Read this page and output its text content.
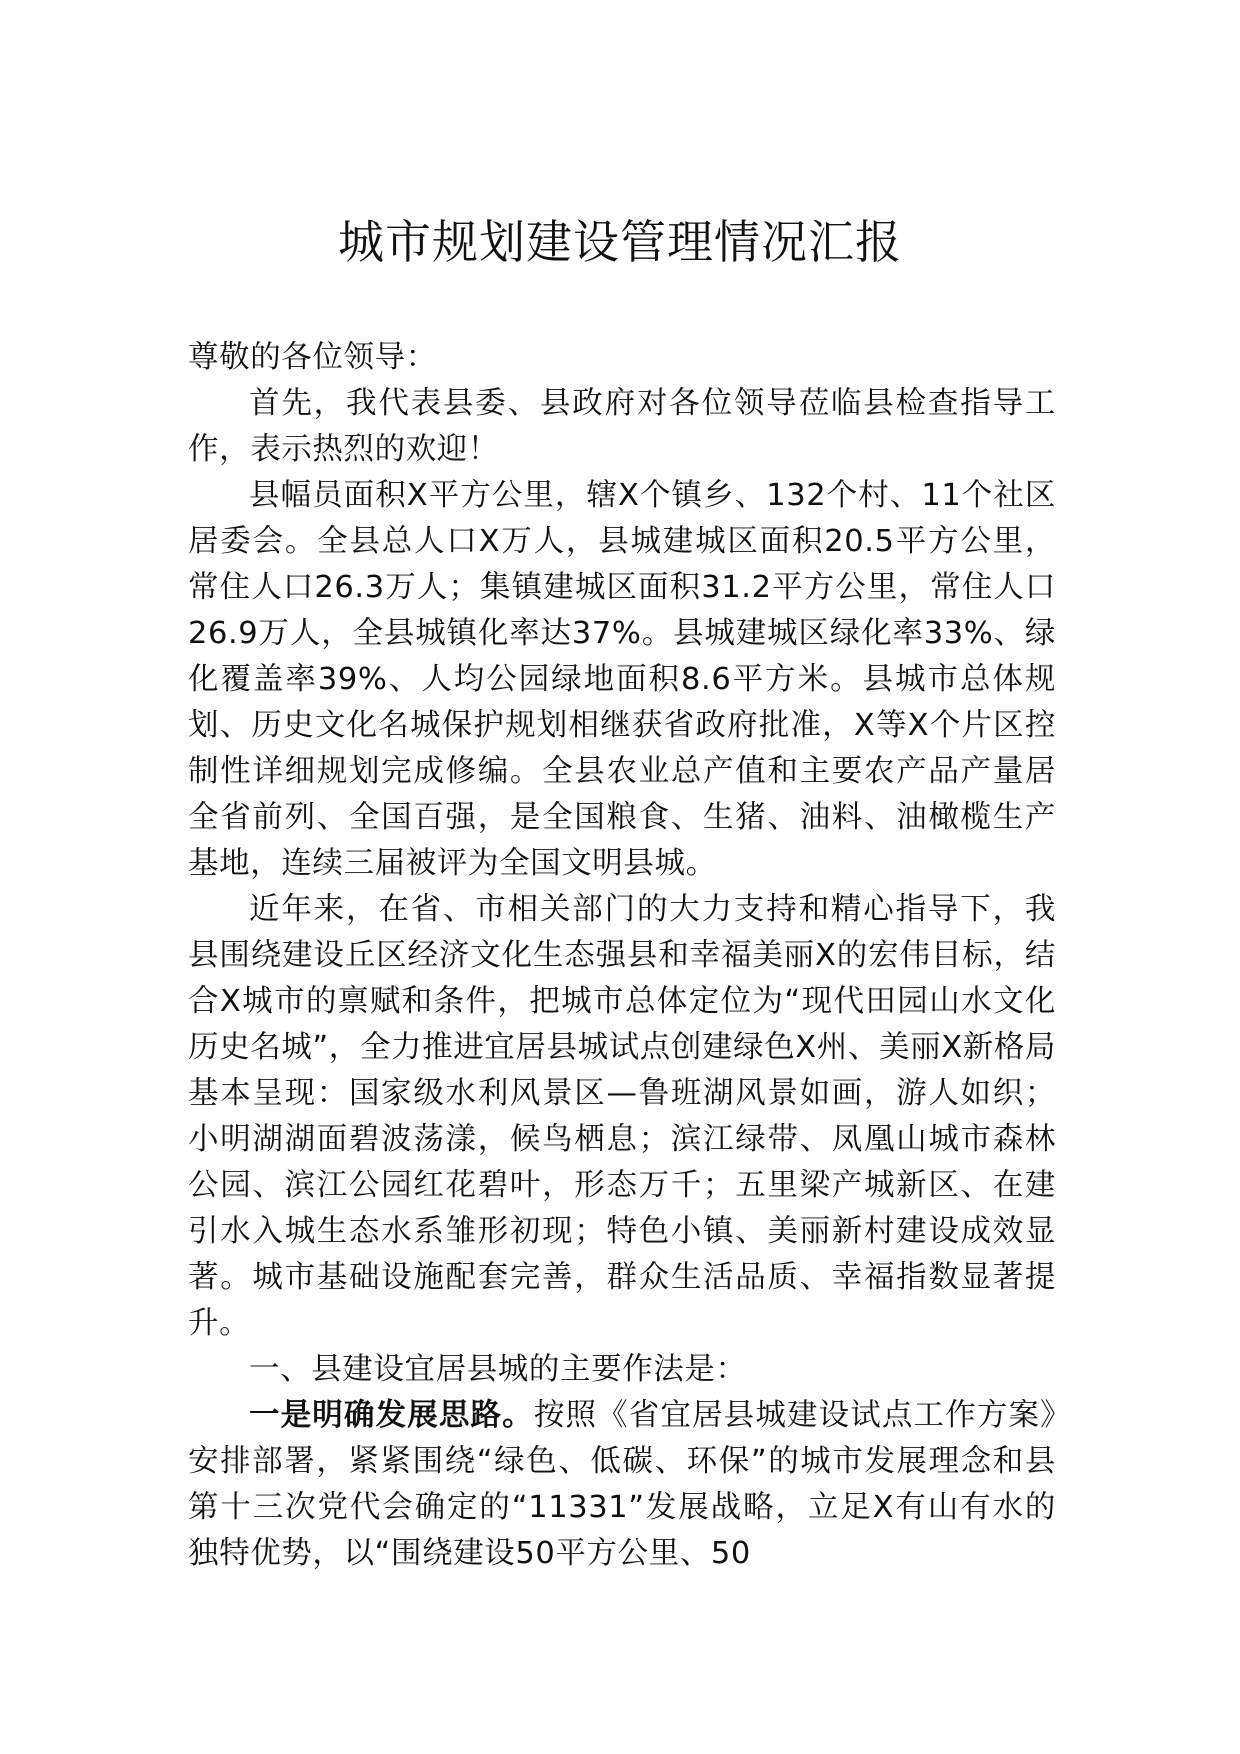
城市规划建设管理情况汇报

尊敬的各位领导：

首先，我代表县委、县政府对各位领导莅临县检查指导工作，表示热烈的欢迎！

县幅员面积X平方公里，辖X个镇乡、132个村、11个社区居委会。全县总人口X万人，县城建城区面积20.5平方公里，常住人口26.3万人；集镇建城区面积31.2平方公里，常住人口26.9万人，全县城镇化率达37%。县城建城区绿化率33%、绿化覆盖率39%、人均公园绿地面积8.6平方米。县城市总体规划、历史文化名城保护规划相继获省政府批准，X等X个片区控制性详细规划完成修编。全县农业总产值和主要农产品产量居全省前列、全国百强，是全国粮食、生猪、油料、油橄榄生产基地，连续三届被评为全国文明县城。

近年来，在省、市相关部门的大力支持和精心指导下，我县围绕建设丘区经济文化生态强县和幸福美丽X的宏伟目标，结合X城市的禀赋和条件，把城市总体定位为“现代田园山水文化历史名城”，全力推进宜居县城试点创建绿色X州、美丽X新格局基本呈现：国家级水利风景区—鲁班湖风景如画，游人如织；小明湖湖面碧波荡漾，候鸟栖息；滨江绿带、凤凰山城市森林公园、滨江公园红花碧叶，形态万千；五里梁产城新区、在建引水入城生态水系雏形初现；特色小镇、美丽新村建设成效显著。城市基础设施配套完善，群众生活品质、幸福指数显著提升。

一、县建设宜居县城的主要作法是：

一是明确发展思路。按照《省宜居县城建设试点工作方案》安排部署，紧紧围绕“绿色、低碳、环保”的城市发展理念和县第十三次党代会确定的“11331”发展战略，立足X有山有水的独特优势，以“围绕建设50平方公里、50
